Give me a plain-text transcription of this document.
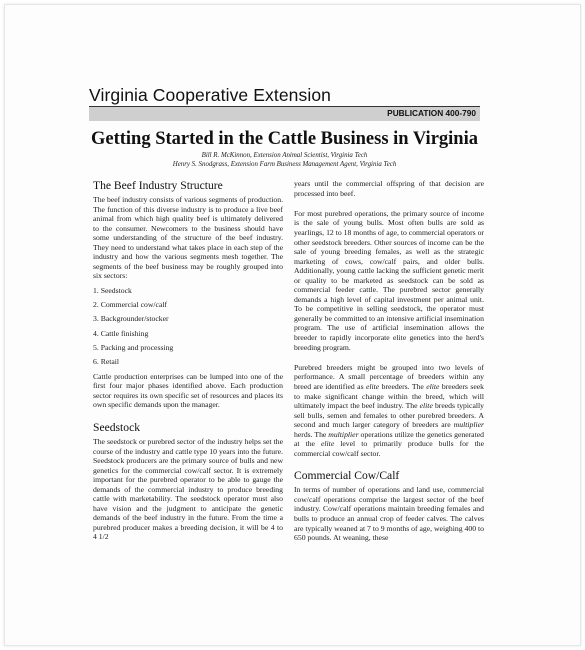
Virginia Cooperative Extension
PUBLICATION 400-790
Getting Started in the Cattle Business in Virginia
Bill R. McKinnon, Extension Animal Scientist, Virginia Tech
Henry S. Snodgrass, Extension Farm Business Management Agent, Virginia Tech
The Beef Industry Structure

The beef industry consists of various segments of production. The function of this diverse industry is to produce a live beef animal from which high quality beef is ultimately delivered to the consumer. Newcomers to the business should have some understanding of the structure of the beef industry. They need to understand what takes place in each step of the industry and how the various segments mesh together. The segments of the beef business may be roughly grouped into six sectors:

1. Seedstock
2. Commercial cow/calf
3. Backgrounder/stocker
4. Cattle finishing
5. Packing and processing
6. Retail

Cattle production enterprises can be lumped into one of the first four major phases identified above. Each production sector requires its own specific set of resources and places its own specific demands upon the manager.

Seedstock

The seedstock or purebred sector of the industry helps set the course of the industry and cattle type 10 years into the future. Seedstock producers are the primary source of bulls and new genetics for the commercial cow/calf sector. It is extremely important for the purebred operator to be able to gauge the demands of the commercial industry to produce breeding cattle with marketability. The seedstock operator must also have vision and the judgment to anticipate the genetic demands of the beef industry in the future. From the time a purebred producer makes a breeding decision, it will be 4 to 4 1/2

years until the commercial offspring of that decision are processed into beef.

For most purebred operations, the primary source of income is the sale of young bulls. Most often bulls are sold as yearlings, 12 to 18 months of age, to commercial operators or other seedstock breeders. Other sources of income can be the sale of young breeding females, as well as the strategic marketing of cows, cow/calf pairs, and older bulls. Additionally, young cattle lacking the sufficient genetic merit or quality to be marketed as seedstock can be sold as commercial feeder cattle. The purebred sector generally demands a high level of capital investment per animal unit. To be competitive in selling seedstock, the operator must generally be committed to an intensive artificial insemination program. The use of artificial insemination allows the breeder to rapidly incorporate elite genetics into the herd's breeding program.

Purebred breeders might be grouped into two levels of performance. A small percentage of breeders within any breed are identified as elite breeders. The elite breeders seek to make significant change within the breed, which will ultimately impact the beef industry. The elite breeds typically sell bulls, semen and females to other purebred breeders. A second and much larger category of breeders are multiplier herds. The multiplier operations utilize the genetics generated at the elite level to primarily produce bulls for the commercial cow/calf sector.

Commercial Cow/Calf

In terms of number of operations and land use, commercial cow/calf operations comprise the largest sector of the beef industry. Cow/calf operations maintain breeding females and bulls to produce an annual crop of feeder calves. The calves are typically weaned at 7 to 9 months of age, weighing 400 to 650 pounds. At weaning, these
